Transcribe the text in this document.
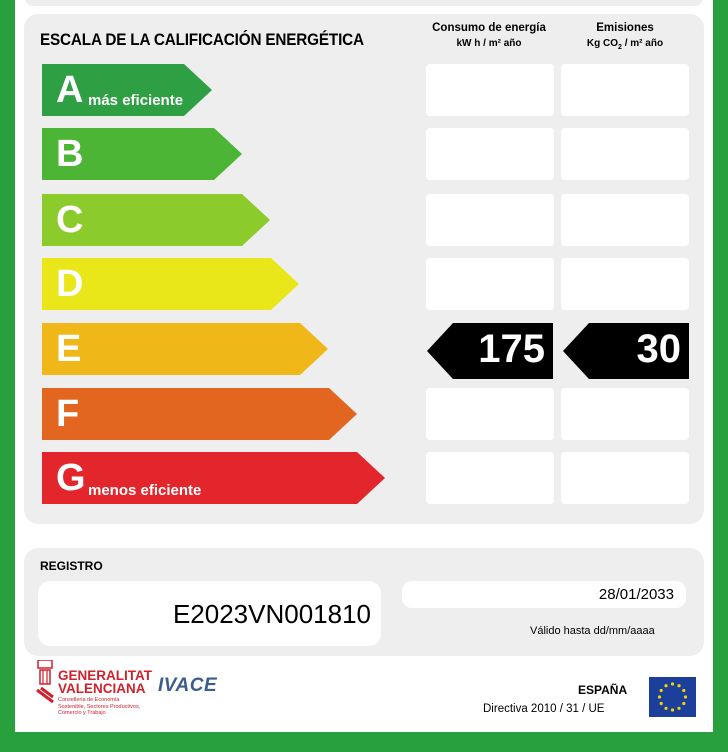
ESCALA DE LA CALIFICACIÓN ENERGÉTICA
Consumo de energía
kW h / m² año
Emisiones
Kg $CO_2 / m^2$ año
A más eficiente
B
C
D
E
F
G menos eficiente
175 30
REGISTRO
E2023VN001810
28/01/2033
Válido hasta dd/mm/aaaa
GENERALITAT
VALENCIANA
Conselleria de Economía
Sostenible, Sectores Productivos,
Comercio y Trabajo
IVACE	ESPAÑA
Directiva 2010 / 31 / UE
